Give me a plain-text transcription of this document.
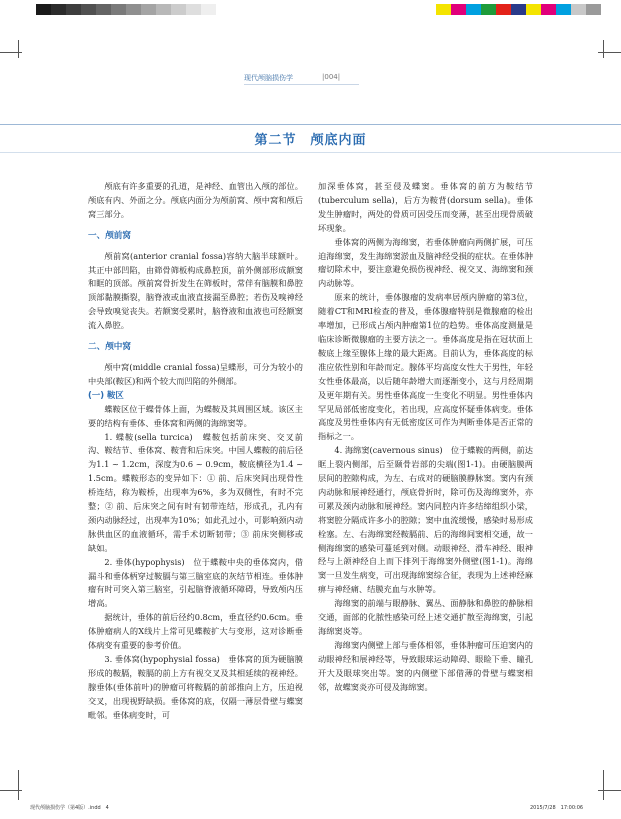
现代颅脑损伤学	|004|
第二节　颅底内面

颅底有许多重要的孔道，是神经、血管出入颅的部位。颅底有内、外面之分。颅底内面分为颅前窝、颅中窝和颅后窝三部分。

一、颅前窝

颅前窝(anterior cranial fossa)容纳大脑半球额叶。其正中部凹陷，由筛骨筛板构成鼻腔顶，前外侧部形成额窦和眶的顶部。颅前窝骨折发生在筛板时，常伴有脑膜和鼻腔顶部黏膜撕裂，脑脊液或血液直接漏至鼻腔；若伤及嗅神经会导致嗅觉丧失。若额窦受累时，脑脊液和血液也可经额窦流入鼻腔。

二、颅中窝

颅中窝(middle cranial fossa)呈蝶形，可分为较小的中央部(鞍区)和两个较大而凹陷的外侧部。

(一) 鞍区

蝶鞍区位于蝶骨体上面，为蝶鞍及其周围区域。该区主要的结构有垂体、垂体窝和两侧的海绵窦等。

1. 蝶鞍(sella turcica)　蝶鞍包括前床突、交叉前沟、鞍结节、垂体窝、鞍背和后床突。中国人蝶鞍的前后径为1.1 ~ 1.2cm，深度为0.6 ~ 0.9cm，鞍底横径为1.4 ~ 1.5cm。蝶鞍形态的变异如下：① 前、后床突间出现骨性桥连结，称为鞍桥，出现率为6%，多为双侧性，有时不完整；② 前、后床突之间有时有韧带连结，形成孔，孔内有颈内动脉经过，出现率为10%；如此孔过小，可影响颈内动脉供血区的血液循环，需手术切断韧带；③ 前床突侧移或缺如。

2. 垂体(hypophysis)　位于蝶鞍中央的垂体窝内，借漏斗和垂体柄穿过鞍膈与第三脑室底的灰结节相连。垂体肿瘤有时可突入第三脑室，引起脑脊液循环障碍，导致颅内压增高。

据统计，垂体的前后径约0.8cm，垂直径约0.6cm。垂体肿瘤病人的X线片上常可见蝶鞍扩大与变形，这对诊断垂体病变有重要的参考价值。

3. 垂体窝(hypophysial fossa)　垂体窝的顶为硬脑膜形成的鞍膈，鞍膈的前上方有视交叉及其相延续的视神经。腺垂体(垂体前叶)的肿瘤可将鞍膈的前部推向上方，压迫视交叉，出现视野缺损。垂体窝的底，仅隔一薄层骨壁与蝶窦毗邻。垂体病变时，可

加深垂体窝，甚至侵及蝶窦。垂体窝的前方为鞍结节(tuberculum sella)，后方为鞍背(dorsum sella)。垂体发生肿瘤时，两处的骨质可因受压而变薄，甚至出现骨质破坏现象。

垂体窝的两侧为海绵窦，若垂体肿瘤向两侧扩展，可压迫海绵窦，发生海绵窦淤血及脑神经受损的症状。在垂体肿瘤切除术中，要注意避免损伤视神经、视交叉、海绵窦和颈内动脉等。

原来的统计，垂体腺瘤的发病率居颅内肿瘤的第3位，随着CT和MRI检查的普及，垂体腺瘤特别是微腺瘤的检出率增加，已形成占颅内肿瘤第1位的趋势。垂体高度测量是临床诊断微腺瘤的主要方法之一。垂体高度是指在冠状面上鞍底上缘至腺体上缘的最大距离。目前认为，垂体高度的标准应依性别和年龄而定。腺体平均高度女性大于男性，年轻女性垂体最高，以后随年龄增大而逐渐变小，这与月经周期及更年期有关。男性垂体高度一生变化不明显。男性垂体内罕见局部低密度变化，若出现，应高度怀疑垂体病变。垂体高度及男性垂体内有无低密度区可作为判断垂体是否正常的指标之一。

4. 海绵窦(cavernous sinus)　位于蝶鞍的两侧，前达眶上裂内侧部，后至颞骨岩部的尖端(图1-1)。由硬脑膜两层间的腔隙构成，为左、右成对的硬脑膜静脉窦。窦内有颈内动脉和展神经通行，颅底骨折时，除可伤及海绵窦外，亦可累及颈内动脉和展神经。窦内同腔内许多结缔组织小梁，将窦腔分隔成许多小的腔隙；窦中血流缓慢，感染时易形成栓塞。左、右海绵窦经鞍膈前、后的海绵间窦相交通，故一侧海绵窦的感染可蔓延到对侧。动眼神经、滑车神经、眼神经与上颌神经自上而下排列于海绵窦外侧壁(图1-1)。海绵窦一旦发生病变，可出现海绵窦综合征，表现为上述神经麻痹与神经痛、结膜充血与水肿等。

海绵窦的前端与眼静脉、翼丛、面静脉和鼻腔的静脉相交通，面部的化脓性感染可经上述交通扩散至海绵窦，引起海绵窦炎等。

海绵窦内侧壁上部与垂体相邻，垂体肿瘤可压迫窦内的动眼神经和展神经等，导致眼球运动障碍、眼睑下垂、瞳孔开大及眼球突出等。窦的内侧壁下部借薄的骨壁与蝶窦相邻，故蝶窦炎亦可侵及海绵窦。

现代颅脑损伤学（第4版）.indd　4	2015/7/28　17:00:06
